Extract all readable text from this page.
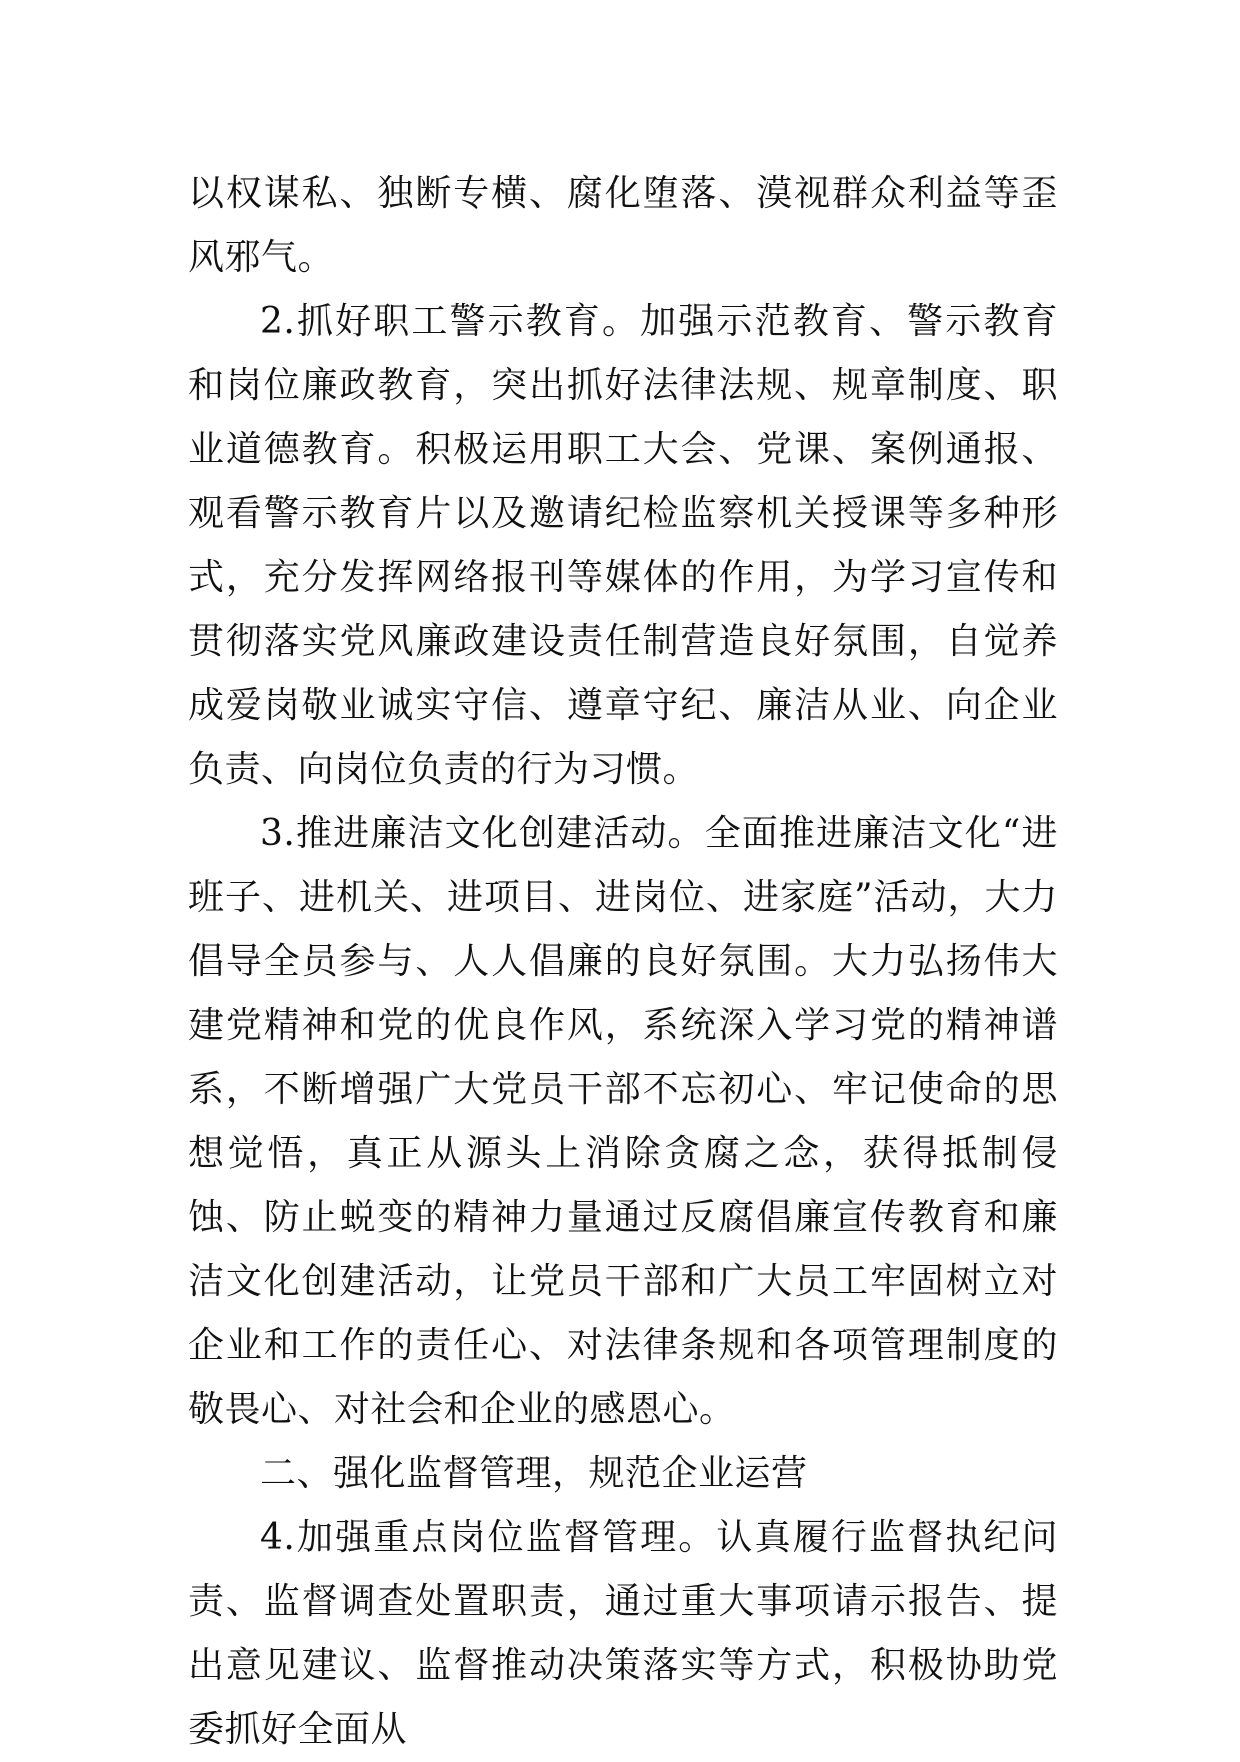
以权谋私、独断专横、腐化堕落、漠视群众利益等歪风邪气。

2.抓好职工警示教育。加强示范教育、警示教育和岗位廉政教育，突出抓好法律法规、规章制度、职业道德教育。积极运用职工大会、党课、案例通报、观看警示教育片以及邀请纪检监察机关授课等多种形式，充分发挥网络报刊等媒体的作用，为学习宣传和贯彻落实党风廉政建设责任制营造良好氛围，自觉养成爱岗敬业诚实守信、遵章守纪、廉洁从业、向企业负责、向岗位负责的行为习惯。

3.推进廉洁文化创建活动。全面推进廉洁文化“进班子、进机关、进项目、进岗位、进家庭”活动，大力倡导全员参与、人人倡廉的良好氛围。大力弘扬伟大建党精神和党的优良作风，系统深入学习党的精神谱系，不断增强广大党员干部不忘初心、牢记使命的思想觉悟，真正从源头上消除贪腐之念，获得抵制侵蚀、防止蜕变的精神力量通过反腐倡廉宣传教育和廉洁文化创建活动，让党员干部和广大员工牢固树立对企业和工作的责任心、对法律条规和各项管理制度的敬畏心、对社会和企业的感恩心。

二、强化监督管理，规范企业运营

4.加强重点岗位监督管理。认真履行监督执纪问责、监督调查处置职责，通过重大事项请示报告、提出意见建议、监督推动决策落实等方式，积极协助党委抓好全面从
